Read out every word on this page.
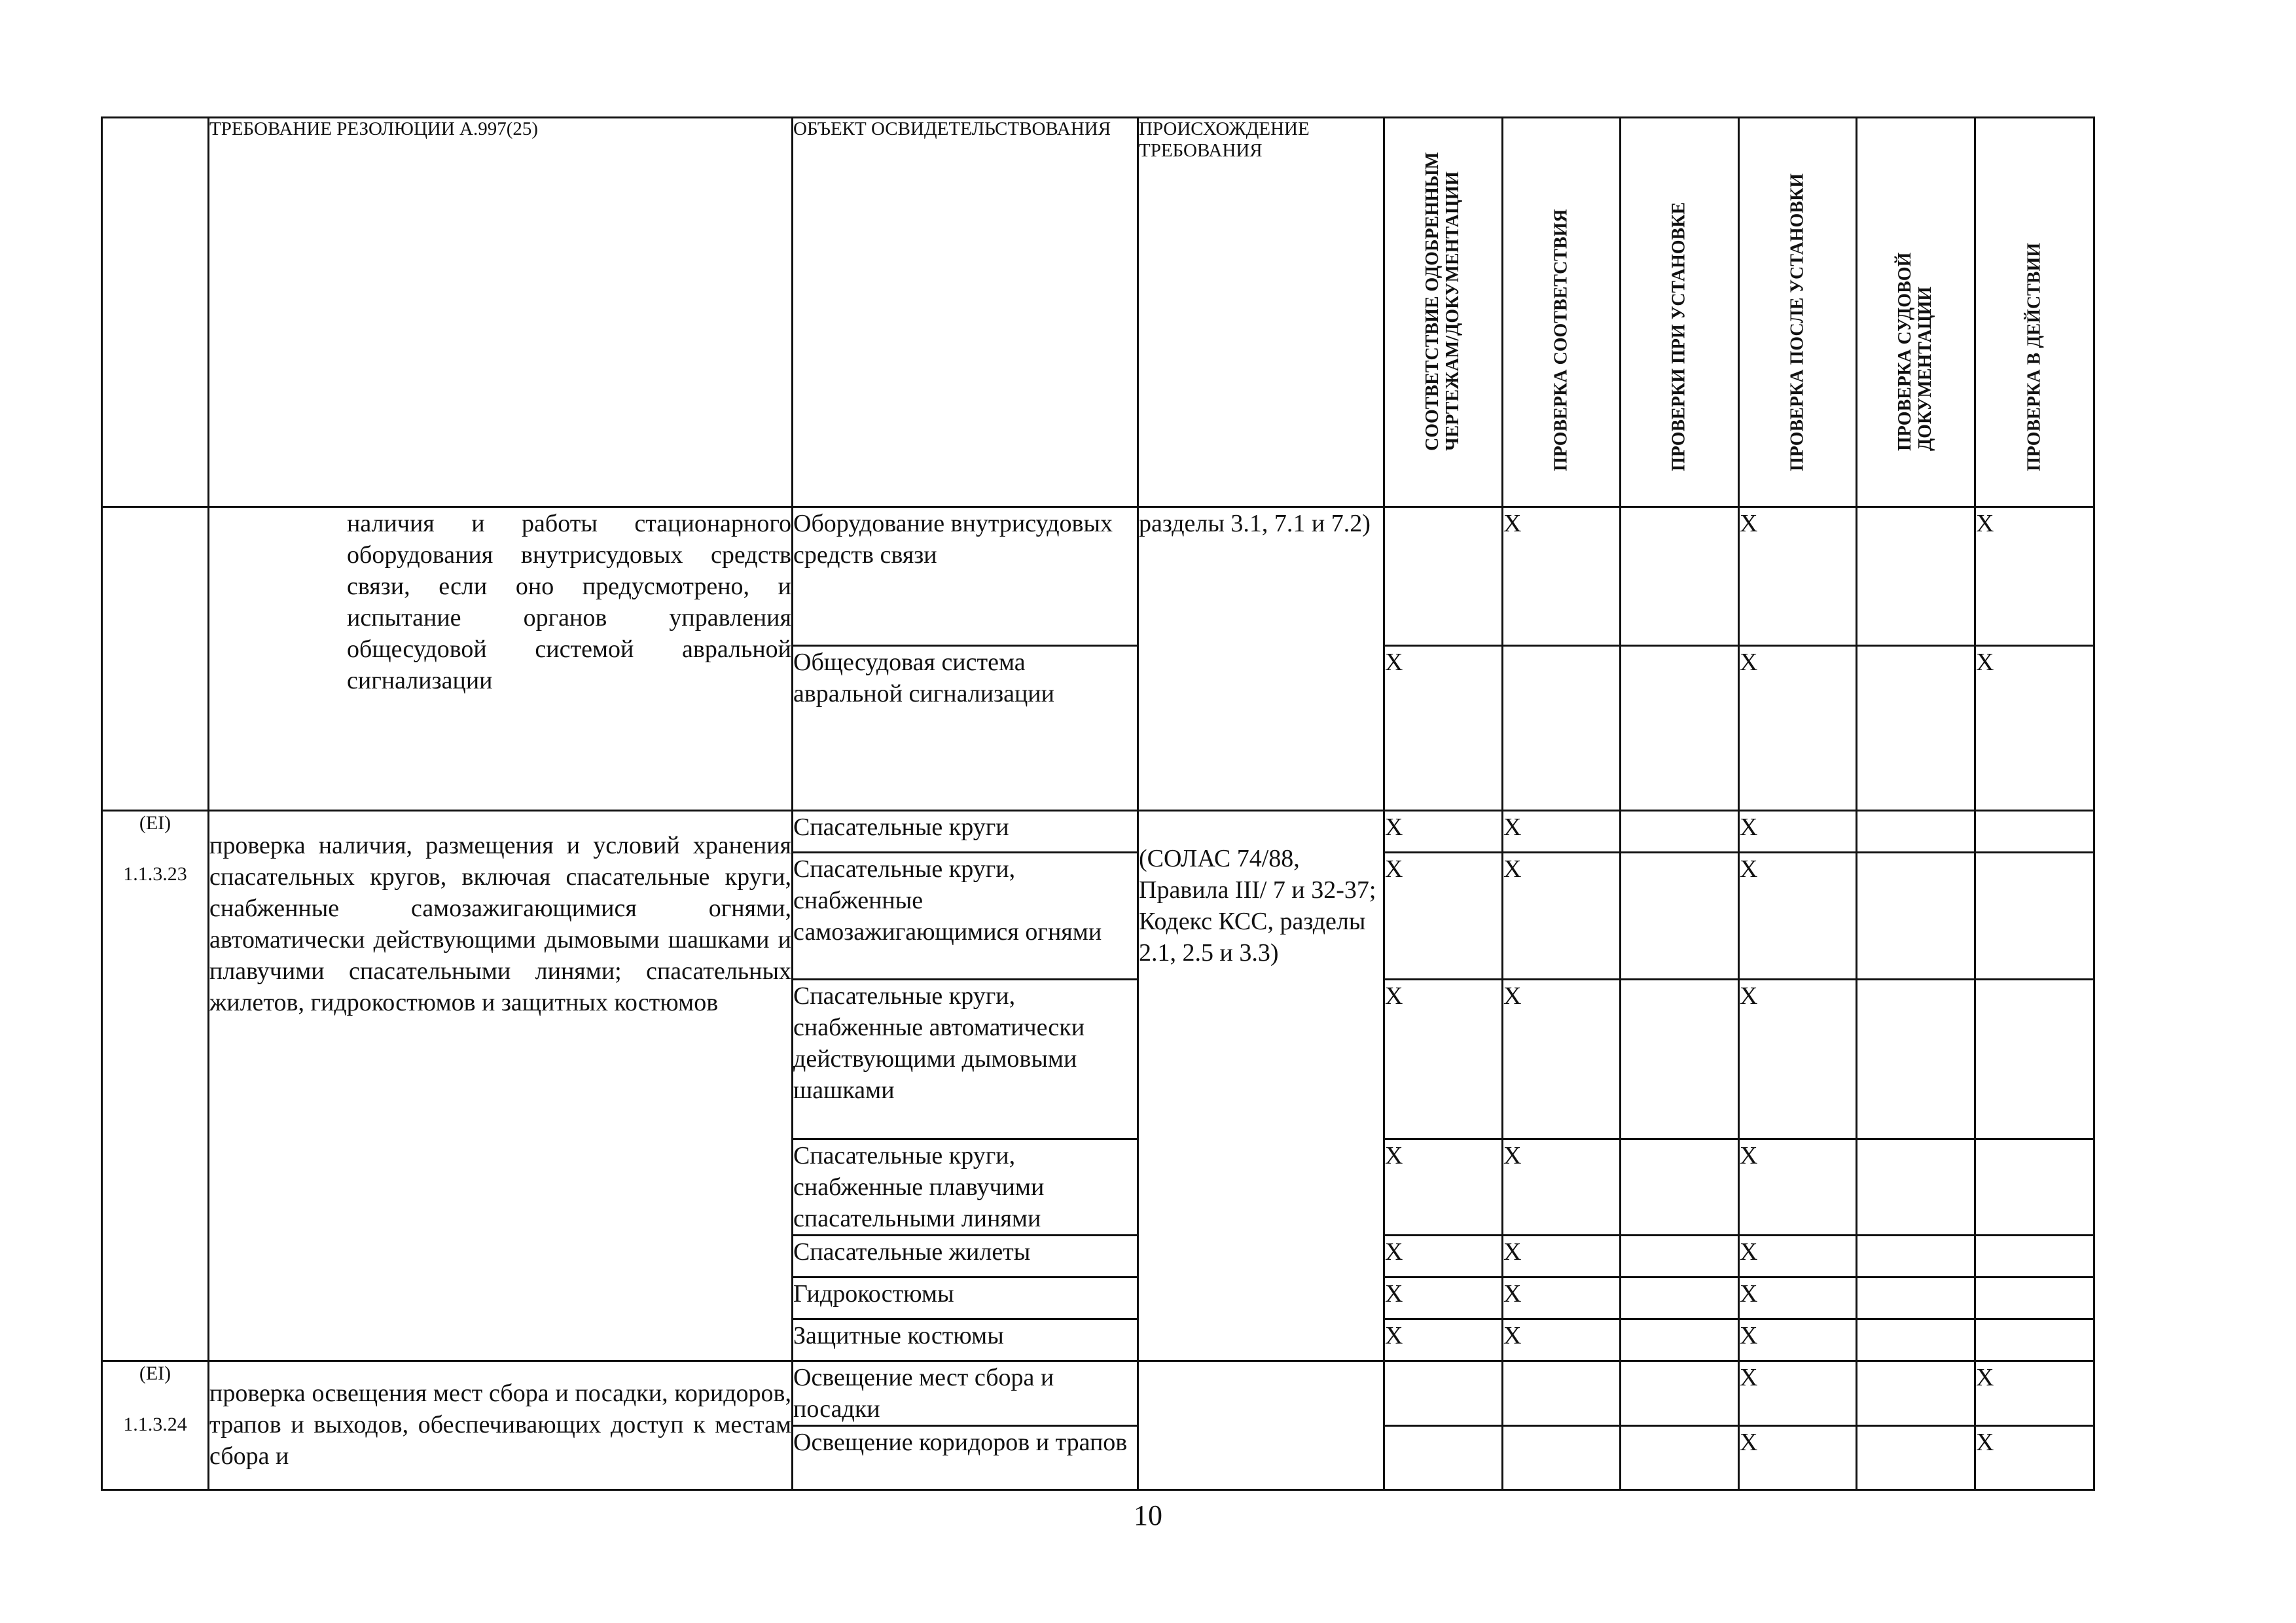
	ТРЕБОВАНИЕ РЕЗОЛЮЦИИ A.997(25)	ОБЪЕКТ ОСВИДЕТЕЛЬСТВОВАНИЯ	ПРОИСХОЖДЕНИЕ ТРЕБОВАНИЯ	СООТВЕТСТВИЕ ОДОБРЕННЫМ ЧЕРТЕЖАМ/ДОКУМЕНТАЦИИ	ПРОВЕРКА СООТВЕТСТВИЯ	ПРОВЕРКИ ПРИ УСТАНОВКЕ	ПРОВЕРКА ПОСЛЕ УСТАНОВКИ	ПРОВЕРКА СУДОВОЙ ДОКУМЕНТАЦИИ	ПРОВЕРКА В ДЕЙСТВИИ

	наличия и работы стационарного оборудования внутрисудовых средств связи, если оно предусмотрено, и испытание органов управления общесудовой системой авральной сигнализации	Оборудование внутрисудовых средств связи	разделы 3.1, 7.1 и 7.2)		X		X		X
		Общесудовая система авральной сигнализации		X			X		X

(EI)
1.1.3.23	проверка наличия, размещения и условий хранения спасательных кругов, включая спасательные круги, снабженные самозажигающимися огнями, автоматически действующими дымовыми шашками и плавучими спасательными линями; спасательных жилетов, гидрокостюмов и защитных костюмов	Спасательные круги	(СОЛАС 74/88, Правила III/ 7 и 32-37; Кодекс КСС, разделы 2.1, 2.5 и 3.3)	X	X		X		
		Спасательные круги, снабженные самозажигающимися огнями		X	X		X		
		Спасательные круги, снабженные автоматически действующими дымовыми шашками		X	X		X		
		Спасательные круги, снабженные плавучими спасательными линями		X	X		X		
		Спасательные жилеты		X	X		X		
		Гидрокостюмы		X	X		X		
		Защитные костюмы		X	X		X		

(EI)
1.1.3.24	проверка освещения мест сбора и посадки, коридоров, трапов и выходов, обеспечивающих доступ к местам сбора и	Освещение мест сбора и посадки					X		X
		Освещение коридоров и трапов					X		X
10
